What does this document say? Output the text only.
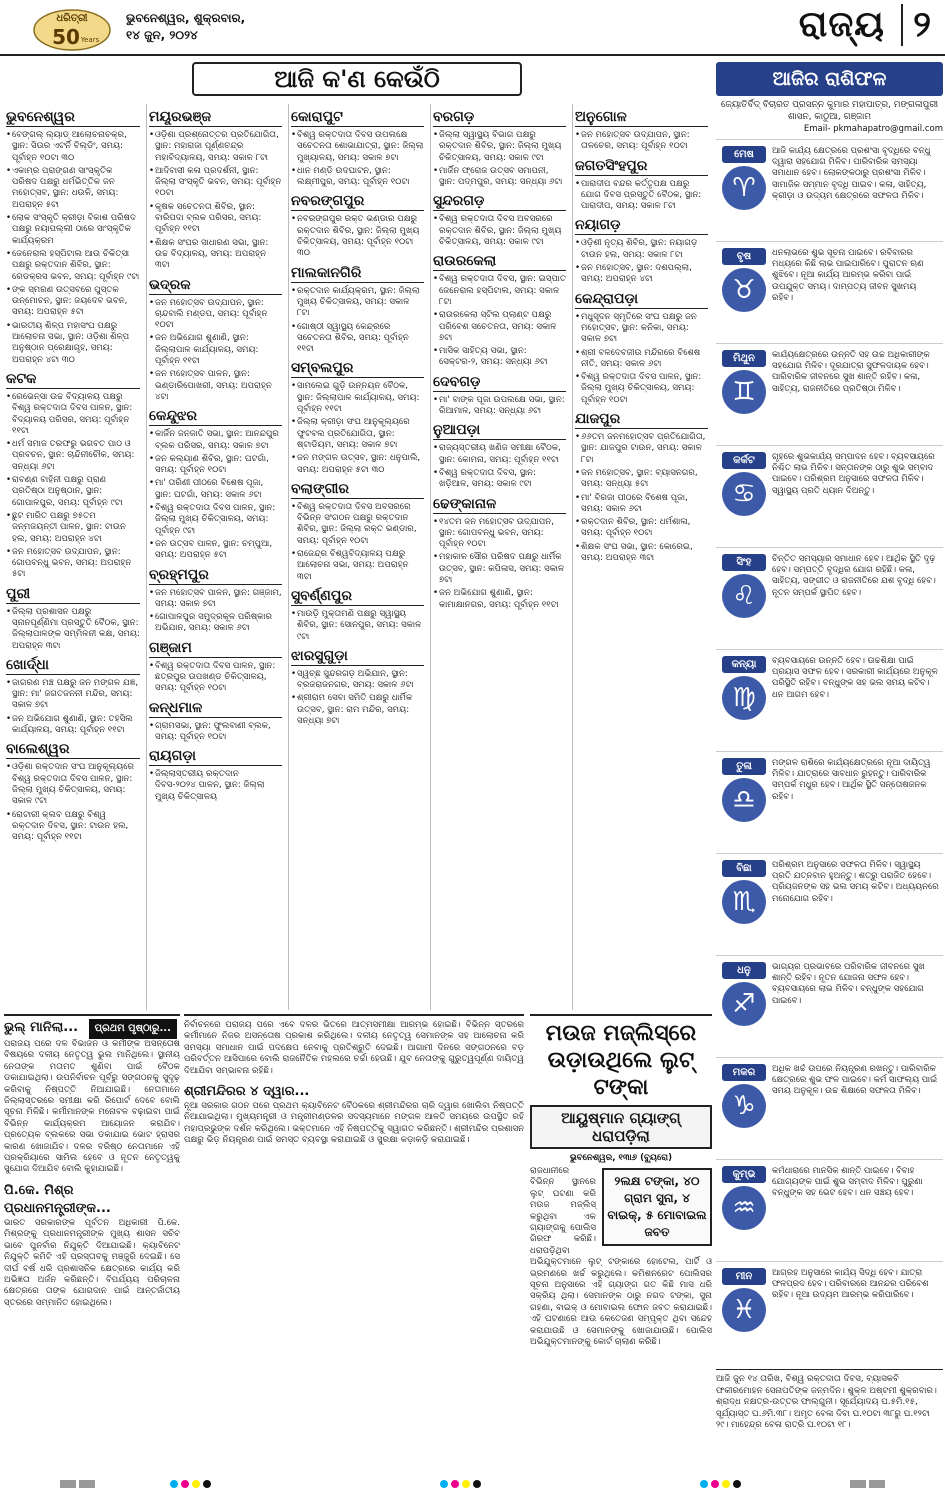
ଧରିତ୍ରୀ
50 Years
ଭୁବନେଶ୍ୱର, ଶୁକ୍ରବାର,
୧୪ ଜୁନ, ୨୦୨୪	ରାଜ୍ୟ ୨
ଆଜି କ'ଣ କେଉଁଠି
ଭୁବନେଶ୍ୱର
• ବେଙ୍ଗଲ୍ ଲ୍ୟାଡ୍ ଆଲୋଚନାଚକ୍ର, ସ୍ଥାନ: ସିଉର ଏଟର୍ନି ବିଲ୍ଡିଂ, ସମୟ: ପୂର୍ବାହ୍ନ ୧୦ଟା ୩୦
• ଏକାମ୍ର ପ୍ରାଙ୍ଗଣ ସାଂସ୍କୃତିକ ପରିଷଦ ପକ୍ଷରୁ ଧର୍ମଭିତ୍ତିକ ଜନ ମହୋତ୍ସବ, ସ୍ଥାନ: ଧଉଳି, ସମୟ: ଅପରାହ୍ନ ୫ଟା
• ଲୋକ ସଂସ୍କୃତି କ୍ରୀଡ଼ା ବିକାଶ ପରିଷଦ ପକ୍ଷରୁ ନୟାପଲ୍ଲୀ ଠାରେ ସାଂସ୍କୃତିକ କାର୍ଯ୍ୟକ୍ରମ
• ଜେନେରାଲ ହସ୍ପିଟାଲ ଆଉ ଚିକିତ୍ସା ପକ୍ଷରୁ ରକ୍ତଦାନ ଶିବିର, ସ୍ଥାନ: ରେଡକ୍ରସ ଭବନ, ସମୟ: ପୂର୍ବାହ୍ନ ୯ଟା
• ଙ୍କ ସ୍ମରଣ ଉତ୍ସବରେ ପୁସ୍ତକ ଉନ୍ମୋଚନ, ସ୍ଥାନ: ଜୟଦେବ ଭବନ, ସମୟ: ଅପରାହ୍ନ ୫ଟା
• ଭାରତୀୟ ଶିଳ୍ପ ମହାସଂଘ ପକ୍ଷରୁ ଆଲୋଚନା ସଭା, ସ୍ଥାନ: ଓଡ଼ିଶା ଶିଳ୍ପ ଅନୁଷ୍ଠାନ ପ୍ରେକ୍ଷାଗୃହ, ସମୟ: ଅପରାହ୍ନ ୪ଟା ୩୦
କଟକ
• ରେଭେନ୍ସା ଉଚ୍ଚ ବିଦ୍ୟାଳୟ ପକ୍ଷରୁ ବିଶ୍ୱ ରକ୍ତଦାତା ଦିବସ ପାଳନ, ସ୍ଥାନ: ବିଦ୍ୟାଳୟ ପରିସର, ସମୟ: ପୂର୍ବାହ୍ନ ୧୧ଟା
• ଧର୍ମ ସମାଜ ତରଫରୁ ଭଗବତ ପାଠ ଓ ପ୍ରବଚନ, ସ୍ଥାନ: ଚାନ୍ଦିନୀଚୌକ, ସମୟ: ସନ୍ଧ୍ୟା ୬ଟା
• ରାବଣ୍ଣ ବାହିନୀ ପକ୍ଷରୁ ପ୍ରାଣ ପ୍ରତିଷ୍ଠା ଅନୁଷ୍ଠାନ, ସ୍ଥାନ: ଗୋପାଳପୁର, ସମୟ: ପୂର୍ବାହ୍ନ ୯ଟା
• ଛୁଟ ମାରିତ ପକ୍ଷରୁ ୭୫ତମ ଜନ୍ମଜୟନ୍ତୀ ପାଳନ, ସ୍ଥାନ: ଟାଉନ ହଲ, ସମୟ: ଅପରାହ୍ନ ୪ଟା
• ଜନ ମହୋତ୍ସବ ଉଦ୍‌ଯାପନ, ସ୍ଥାନ: ଗୋପବନ୍ଧୁ ଭବନ, ସମୟ: ଅପରାହ୍ନ ୫ଟା
ପୁରୀ
• ଜିଲ୍ଲା ପ୍ରଶାସନ ପକ୍ଷରୁ ସ୍ନାନପୂର୍ଣ୍ଣିମା ପ୍ରସ୍ତୁତି ବୈଠକ, ସ୍ଥାନ: ଜିଲ୍ଲାପାଳଙ୍କ ସମ୍ମିଳନୀ କକ୍ଷ, ସମୟ: ଅପରାହ୍ନ ୩ଟା
ଖୋର୍ଦ୍ଧା
• ଜାଗରଣ ମଞ୍ଚ ପକ୍ଷରୁ ଜନ ମଙ୍ଗଳ ଯଜ୍ଞ, ସ୍ଥାନ: ମା' ଜଗତଜନନୀ ମନ୍ଦିର, ସମୟ: ସକାଳ ୭ଟା
• ଜନ ଅଭିଯୋଗ ଶୁଣାଣି, ସ୍ଥାନ: ତହସିଲ କାର୍ଯ୍ୟାଳୟ, ସମୟ: ପୂର୍ବାହ୍ନ ୧୧ଟା
ବାଲେଶ୍ୱର
• ଓଡ଼ିଶା ରକ୍ତଦାନ ସଂଘ ଆନୁକୂଲ୍ୟରେ ବିଶ୍ୱ ରକ୍ତଦାତା ଦିବସ ପାଳନ, ସ୍ଥାନ: ଜିଲ୍ଲା ମୁଖ୍ୟ ଚିକିତ୍ସାଳୟ, ସମୟ: ସକାଳ ୯ଟା
• ରୋଟାରୀ କ୍ଲବ ପକ୍ଷରୁ ବିଶ୍ୱ ରକ୍ତଦାନ ଦିବସ, ସ୍ଥାନ: ଟାଉନ ହଲ, ସମୟ: ପୂର୍ବାହ୍ନ ୧୧ଟା
ମୟୂରଭଞ୍ଜ
• ଓଡ଼ିଶା ପ୍ରଶ୍ନୋତ୍ତର ପ୍ରତିଯୋଗିତା, ସ୍ଥାନ: ମହାରାଜା ପୂର୍ଣ୍ଣଚନ୍ଦ୍ର ମହାବିଦ୍ୟାଳୟ, ସମୟ: ସକାଳ ୮ଟା
• ଆଦିବାସୀ କଳା ପ୍ରଦର୍ଶନୀ, ସ୍ଥାନ: ଜିଲ୍ଲା ସଂସ୍କୃତି ଭବନ, ସମୟ: ପୂର୍ବାହ୍ନ ୧୦ଟା
• କୃଷକ ସଚେତନତା ଶିବିର, ସ୍ଥାନ: ବାରିପଦା ବ୍ଲକ ପରିସର, ସମୟ: ପୂର୍ବାହ୍ନ ୧୧ଟା
• ଶିକ୍ଷକ ସଂଘର ସାଧାରଣ ସଭା, ସ୍ଥାନ: ଉଚ୍ଚ ବିଦ୍ୟାଳୟ, ସମୟ: ଅପରାହ୍ନ ୩ଟା
ଭଦ୍ରକ
• ଜନ ମହୋତ୍ସବ ଉଦ୍‌ଯାପନ, ସ୍ଥାନ: ଚାନ୍ଦବାଲି ମଣ୍ଡପ, ସମୟ: ପୂର୍ବାହ୍ନ ୧୦ଟା
• ଜନ ଅଭିଯୋଗ ଶୁଣାଣି, ସ୍ଥାନ: ଜିଲ୍ଲାପାଳ କାର୍ଯ୍ୟାଳୟ, ସମୟ: ପୂର୍ବାହ୍ନ ୧୧ଟା
• ଜନ ମହୋତ୍ସବ ପାଳନ, ସ୍ଥାନ: ଭଣ୍ଡାରିପୋଖରୀ, ସମୟ: ଅପରାହ୍ନ ୪ଟା
କେନ୍ଦୁଝର
• କାର୍ଜିନ ଜନଜାତି ସଭା, ସ୍ଥାନ: ଆନନ୍ଦପୁର ବ୍ଲକ ପରିସର, ସମୟ: ସକାଳ ୭ଟା
• ଜନ କଲ୍ୟାଣ ଶିବିର, ସ୍ଥାନ: ଘଟଗାଁ, ସମୟ: ପୂର୍ବାହ୍ନ ୧୦ଟା
• ମା' ତାରିଣୀ ପୀଠରେ ବିଶେଷ ପୂଜା, ସ୍ଥାନ: ଘଟଗାଁ, ସମୟ: ସକାଳ ୬ଟା
• ବିଶ୍ୱ ରକ୍ତଦାତା ଦିବସ ପାଳନ, ସ୍ଥାନ: ଜିଲ୍ଲା ମୁଖ୍ୟ ଚିକିତ୍ସାଳୟ, ସମୟ: ପୂର୍ବାହ୍ନ ୯ଟା
• ଜନ ଉତ୍ସବ ପାଳନ, ସ୍ଥାନ: ଚମ୍ପୁଆ, ସମୟ: ଅପରାହ୍ନ ୫ଟା
ବ୍ରହ୍ମପୁର
• ଜନ ମହୋତ୍ସବ ପାଳନ, ସ୍ଥାନ: ଗଞ୍ଜାମ, ସମୟ: ସକାଳ ୭ଟା
• ଗୋପାଳପୁର ସମୁଦ୍ରକୂଳ ପରିଷ୍କାର ଅଭିଯାନ, ସମୟ: ସକାଳ ୬ଟା
ଗଞ୍ଜାମ
• ବିଶ୍ୱ ରକ୍ତଦାତା ଦିବସ ପାଳନ, ସ୍ଥାନ: ଛତ୍ରପୁର ଉପଖଣ୍ଡ ଚିକିତ୍ସାଳୟ, ସମୟ: ପୂର୍ବାହ୍ନ ୧୦ଟା
କନ୍ଧମାଳ
• ଗ୍ରାମସଭା, ସ୍ଥାନ: ଫୁଲବାଣୀ ବ୍ଲକ, ସମୟ: ପୂର୍ବାହ୍ନ ୧୦ଟା
ରାୟଗଡ଼ା
• ଜିଲ୍ଲାସ୍ତରୀୟ ରକ୍ତଦାନ ଦିବସ-୨୦୨୪ ପାଳନ, ସ୍ଥାନ: ଜିଲ୍ଲା ମୁଖ୍ୟ ଚିକିତ୍ସାଳୟ
କୋରାପୁଟ
• ବିଶ୍ୱ ରକ୍ତଦାତା ଦିବସ ଉପଲକ୍ଷେ ସଚେତନତା ଶୋଭାଯାତ୍ରା, ସ୍ଥାନ: ଜିଲ୍ଲା ମୁଖ୍ୟାଳୟ, ସମୟ: ସକାଳ ୭ଟା
• ଧାନ ମଣ୍ଡି ଉଦଘାଟନ, ସ୍ଥାନ: ଲକ୍ଷ୍ମୀପୁର, ସମୟ: ପୂର୍ବାହ୍ନ ୧୦ଟା
ନବରଙ୍ଗପୁର
• ନବରଙ୍ଗପୁର ରକ୍ତ ଭଣ୍ଡାର ପକ୍ଷରୁ ରକ୍ତଦାନ ଶିବିର, ସ୍ଥାନ: ଜିଲ୍ଲା ମୁଖ୍ୟ ଚିକିତ୍ସାଳୟ, ସମୟ: ପୂର୍ବାହ୍ନ ୧୦ଟା ୩୦
ମାଲକାନଗିରି
• ରକ୍ତଦାନ କାର୍ଯ୍ୟକ୍ରମ, ସ୍ଥାନ: ଜିଲ୍ଲା ମୁଖ୍ୟ ଚିକିତ୍ସାଳୟ, ସମୟ: ସକାଳ ୮ଟା
• ଗୋଷ୍ଠୀ ସ୍ୱାସ୍ଥ୍ୟ କେନ୍ଦ୍ରରେ ସଚେତନତା ଶିବିର, ସମୟ: ପୂର୍ବାହ୍ନ ୧୧ଟା
ସମ୍ବଲପୁର
• ସାମଲେଇ ଗୁଡ଼ି ଉନ୍ନୟନ ବୈଠକ, ସ୍ଥାନ: ଜିଲ୍ଲାପାଳ କାର୍ଯ୍ୟାଳୟ, ସମୟ: ପୂର୍ବାହ୍ନ ୧୧ଟା
• ଜିଲ୍ଲା କ୍ରୀଡ଼ା ସଂଘ ଆନୁକୂଲ୍ୟରେ ଫୁଟବଲ ପ୍ରତିଯୋଗିତା, ସ୍ଥାନ: ଷ୍ଟାଡିୟମ, ସମୟ: ସକାଳ ୭ଟା
• ଜନ ମଙ୍ଗଳ ଉତ୍ସବ, ସ୍ଥାନ: ଧନୁପାଲି, ସମୟ: ଅପରାହ୍ନ ୫ଟା ୩୦
ବଲାଙ୍ଗୀର
• ବିଶ୍ୱ ରକ୍ତଦାତା ଦିବସ ଅବସରରେ ବିଭିନ୍ନ ସଂଗଠନ ପକ୍ଷରୁ ରକ୍ତଦାନ ଶିବିର, ସ୍ଥାନ: ଜିଲ୍ଲା ରକ୍ତ ଭଣ୍ଡାର, ସମୟ: ପୂର୍ବାହ୍ନ ୧୦ଟା
• ରାଜେନ୍ଦ୍ର ବିଶ୍ୱବିଦ୍ୟାଳୟ ପକ୍ଷରୁ ଆଲୋଚନା ସଭା, ସମୟ: ଅପରାହ୍ନ ୩ଟା
ସୁବର୍ଣ୍ଣପୁର
• ମାଉଡ଼ି ମୁକ୍ତାମଣି ପକ୍ଷରୁ ସ୍ୱାସ୍ଥ୍ୟ ଶିବିର, ସ୍ଥାନ: ସୋନପୁର, ସମୟ: ସକାଳ ୯ଟା
ଝାରସୁଗୁଡ଼ା
• ସ୍ୱଚ୍ଛ ସୁନ୍ଦରଗଡ଼ ଅଭିଯାନ, ସ୍ଥାନ: ବ୍ରଜରାଜନଗର, ସମୟ: ସକାଳ ୬ଟା
• ଶ୍ରୀରାମ ସେବା ସମିତି ପକ୍ଷରୁ ଧାର୍ମିକ ଉତ୍ସବ, ସ୍ଥାନ: ରାମ ମନ୍ଦିର, ସମୟ: ସନ୍ଧ୍ୟା ୭ଟା
ବରଗଡ଼
• ଜିଲ୍ଲା ସ୍ୱାସ୍ଥ୍ୟ ବିଭାଗ ପକ୍ଷରୁ ରକ୍ତଦାନ ଶିବିର, ସ୍ଥାନ: ଜିଲ୍ଲା ମୁଖ୍ୟ ଚିକିତ୍ସାଳୟ, ସମୟ: ସକାଳ ୯ଟା
• ମାର୍ଜିନ ଫ୍ରୋଜ ଉତ୍ସବ ସମାପନୀ, ସ୍ଥାନ: ପଦ୍ମପୁର, ସମୟ: ସନ୍ଧ୍ୟା ୬ଟା
ସୁନ୍ଦରଗଡ଼
• ବିଶ୍ୱ ରକ୍ତଦାତା ଦିବସ ଅବସରରେ ରକ୍ତଦାନ ଶିବିର, ସ୍ଥାନ: ଜିଲ୍ଲା ମୁଖ୍ୟ ଚିକିତ୍ସାଳୟ, ସମୟ: ସକାଳ ୯ଟା
ରାଉରକେଲା
• ବିଶ୍ୱ ରକ୍ତଦାତା ଦିବସ, ସ୍ଥାନ: ଇସ୍ପାତ ଜେନେରାଲ ହସ୍ପିଟାଲ, ସମୟ: ସକାଳ ୮ଟା
• ରାଉରକେଲା ସ୍ଟିଲ ପ୍ଲାଣ୍ଟ ପକ୍ଷରୁ ପରିବେଶ ସଚେତନତା, ସମୟ: ସକାଳ ୭ଟା
• ମାସିକ ସାହିତ୍ୟ ସଭା, ସ୍ଥାନ: ସେକ୍ଟର-୨, ସମୟ: ସନ୍ଧ୍ୟା ୬ଟା
ଦେବଗଡ଼
• ମା' ବାଙ୍କ ପୂଜା ଉପଲକ୍ଷେ ସଭା, ସ୍ଥାନ: ରିଆମାଳ, ସମୟ: ସନ୍ଧ୍ୟା ୬ଟା
ନୁଆପଡ଼ା
• ରାଜ୍ୟସ୍ତରୀୟ ଖଣିଜ ସମୀକ୍ଷା ବୈଠକ, ସ୍ଥାନ: କୋମନା, ସମୟ: ପୂର୍ବାହ୍ନ ୧୧ଟା
• ବିଶ୍ୱ ରକ୍ତଦାତା ଦିବସ, ସ୍ଥାନ: ଖଡ଼ିଆଳ, ସମୟ: ସକାଳ ୯ଟା
ଢେଙ୍କାନାଳ
• ୧୪ତମ ଜନ ମହୋତ୍ସବ ଉଦ୍‌ଯାପନ, ସ୍ଥାନ: ଗୋପବନ୍ଧୁ ଭବନ, ସମୟ: ପୂର୍ବାହ୍ନ ୧୦ଟା
• ମହାକାଳ ସୌର ପରିଷଦ ପକ୍ଷରୁ ଧାର୍ମିକ ଉତ୍ସବ, ସ୍ଥାନ: କପିଳାସ, ସମୟ: ସକାଳ ୭ଟା
• ଜନ ଅଭିଯୋଗ ଶୁଣାଣି, ସ୍ଥାନ: କାମାକ୍ଷାନଗର, ସମୟ: ପୂର୍ବାହ୍ନ ୧୧ଟା
ଅନୁଗୋଳ
• ଜନ ମହୋତ୍ସବ ଉଦ୍‌ଯାପନ, ସ୍ଥାନ: ତାଳଚେର, ସମୟ: ପୂର୍ବାହ୍ନ ୧୦ଟା
ଜଗତସିଂହପୁର
• ପାରାଦୀପ ବନ୍ଦର କର୍ତ୍ତୃପକ୍ଷ ପକ୍ଷରୁ ଯୋଗ ଦିବସ ପ୍ରସ୍ତୁତି ବୈଠକ, ସ୍ଥାନ: ପାରାଦୀପ, ସମୟ: ସକାଳ ୮ଟା
ନୟାଗଡ଼
• ଓଡ଼ିଶୀ ନୃତ୍ୟ ଶିବିର, ସ୍ଥାନ: ନୟାଗଡ଼ ଟାଉନ ହଲ, ସମୟ: ସକାଳ ୮ଟା
• ଜନ ମହୋତ୍ସବ, ସ୍ଥାନ: ଦଶପଲ୍ଲା, ସମୟ: ଅପରାହ୍ନ ୪ଟା
କେନ୍ଦ୍ରାପଡ଼ା
• ମଧୁସୂଦନ ସ୍ମୃତିରେ ସଂଘ ପକ୍ଷରୁ ଜନ ମହୋତ୍ସବ, ସ୍ଥାନ: କନିକା, ସମୟ: ସକାଳ ୭ଟା
• ଶ୍ରୀ ବଳଦେବଜୀଉ ମନ୍ଦିରରେ ବିଶେଷ ନୀତି, ସମୟ: ସକାଳ ୬ଟା
• ବିଶ୍ୱ ରକ୍ତଦାତା ଦିବସ ପାଳନ, ସ୍ଥାନ: ଜିଲ୍ଲା ମୁଖ୍ୟ ଚିକିତ୍ସାଳୟ, ସମୟ: ପୂର୍ବାହ୍ନ ୧୦ଟା
ଯାଜପୁର
• ୬୬ତମ ଜନମହୋତ୍ସବ ପ୍ରତିଯୋଗିତା, ସ୍ଥାନ: ଯାଜପୁର ଟାଉନ, ସମୟ: ସକାଳ ୮ଟା
• ଜନ ମହୋତ୍ସବ, ସ୍ଥାନ: ବ୍ୟାସନଗର, ସମୟ: ସନ୍ଧ୍ୟା ୫ଟା
• ମା' ବିରଜା ପୀଠରେ ବିଶେଷ ପୂଜା, ସମୟ: ସକାଳ ୬ଟା
• ରକ୍ତଦାନ ଶିବିର, ସ୍ଥାନ: ଧର୍ମଶାଳା, ସମୟ: ପୂର୍ବାହ୍ନ ୧୦ଟା
• ଶିକ୍ଷକ ସଂଘ ସଭା, ସ୍ଥାନ: କୋରେଇ, ସମୟ: ଅପରାହ୍ନ ୩ଟା
ଆଜିର ରାଶିଫଳ
ଜ୍ୟୋତିର୍ବିଦ୍ ବିଚାରତ ପ୍ରସନ୍ନ କୁମାର ମହାପାତ୍ର, ମଙ୍ଗଳାପୁରୀ ଶାସନ, କାଠୁଆ, ଗଞ୍ଜାମ
Email- pkmahapatro@gmail.com
ମେଷ
♈
ଆଜି କାର୍ଯ୍ୟ କ୍ଷେତ୍ରରେ ପ୍ରଶଂସା ବୃଦ୍ଧିରେ ବନ୍ଧୁ ଦ୍ୱାରା ସହଯୋଗ ମିଳିବ। ପାରିବାରିକ ସମସ୍ୟା ସମାଧାନ ହେବ। ଲୋକଙ୍କଠାରୁ ପ୍ରଶଂସା ମିଳିବ। ସାମାଜିକ ସମ୍ମାନ ବୃଦ୍ଧି ପାଇବ। କଳା, ସାହିତ୍ୟ, କ୍ରୀଡ଼ା ଓ ଉଦ୍ୟମ କ୍ଷେତ୍ରରେ ସଫଳତା ମିଳିବ।
ବୃଷ
♉
ଧନଲାଭରେ ଶୁଭ ସୂଚନା ପାଇବେ। ରବିବାରର ମଧ୍ୟରେ କିଛି ଲାଭ ପାଇପାରିବେ। ପୁରାତନ ଋଣ ଶୁଝିବେ। ନୂଆ କାର୍ଯ୍ୟ ଆରମ୍ଭ କରିବା ପାଇଁ ଉପଯୁକ୍ତ ସମୟ। ଦାମ୍ପତ୍ୟ ଜୀବନ ସୁଖମୟ ରହିବ।
ମିଥୁନ
♊
କାର୍ଯ୍ୟକ୍ଷେତ୍ରରେ ଉନ୍ନତି ସହ ଉଚ୍ଚ ଅଧିକାରୀଙ୍କ ସହଯୋଗ ମିଳିବ। ଦୂରଯାତ୍ରା ସୁଫଳଦାୟକ ହେବ। ପାରିବାରିକ ଜୀବନରେ ସୁଖ ଶାନ୍ତି ରହିବ। କଳା, ସାହିତ୍ୟ, ରାଜନୀତିରେ ପ୍ରତିଷ୍ଠା ମିଳିବ।
କର୍କଟ
♋
ଗୃହରେ ଶୁଭକାର୍ଯ୍ୟ ସମ୍ପାଦନ ହେବ। ବ୍ୟବସାୟରେ ନିଶ୍ଚିତ ଲାଭ ମିଳିବ। ସନ୍ତାନଙ୍କ ଠାରୁ ଶୁଭ ସମ୍ବାଦ ପାଇବେ। ପରିଶ୍ରମ ଅନୁସାରେ ସଫଳତା ମିଳିବ। ସ୍ୱାସ୍ଥ୍ୟ ପ୍ରତି ଧ୍ୟାନ ଦିଅନ୍ତୁ।
ସିଂହ
♌
ଚିନ୍ତିତ ସମସ୍ୟାର ସମାଧାନ ହେବ। ଆର୍ଥିକ ସ୍ଥିତି ଦୃଢ଼ ହେବ। ସମ୍ପତ୍ତି ବୃଦ୍ଧିର ଯୋଗ ରହିଛି। କଳା, ସାହିତ୍ୟ, ସଙ୍ଗୀତ ଓ ରାଜନୀତିରେ ଯଶ ବୃଦ୍ଧି ହେବ। ନୂତନ ସମ୍ପର୍କ ସ୍ଥାପିତ ହେବ।
କନ୍ୟା
♍
ବ୍ୟବସାୟରେ ଉନ୍ନତି ହେବ। ଉଚ୍ଚଶିକ୍ଷା ପାଇଁ ପ୍ରୟାସ ସଫଳ ହେବ। ସରକାରୀ କାର୍ଯ୍ୟରେ ଅନୁକୂଳ ପରିସ୍ଥିତି ରହିବ। ବନ୍ଧୁଙ୍କ ସହ ଭଲ ସମୟ କଟିବ। ଧନ ଆଗମ ହେବ।
ତୁଳା
♎
ମଙ୍ଗଳ ରାଶିରେ କାର୍ଯ୍ୟକ୍ଷେତ୍ରରେ ନୂଆ ଦାୟିତ୍ୱ ମିଳିବ। ଯାତ୍ରାରେ ସାବଧାନ ରୁହନ୍ତୁ। ପାରିବାରିକ ସମ୍ପର୍କ ମଧୁର ହେବ। ଆର୍ଥିକ ସ୍ଥିତି ସନ୍ତୋଷଜନକ ରହିବ।
ବିଛା
♏
ପରିଶ୍ରମ ଅନୁସାରେ ସଫଳତା ମିଳିବ। ସ୍ୱାସ୍ଥ୍ୟ ପ୍ରତି ଯତ୍ନବାନ ହୁଅନ୍ତୁ। ଶତ୍ରୁ ପରାଜିତ ହେବେ। ପ୍ରିୟଜନଙ୍କ ସହ ଭଲ ସମୟ କଟିବ। ଅଧ୍ୟୟନରେ ମନୋଯୋଗ ରହିବ।
ଧନୁ
♐
ଭାଗ୍ୟର ପ୍ରଭାବରେ ପରିବାରିକ ଜୀବନରେ ସୁଖ ଶାନ୍ତି ରହିବ। ନୂତନ ଯୋଜନା ସଫଳ ହେବ। ବ୍ୟବସାୟରେ ଲାଭ ମିଳିବ। ବନ୍ଧୁଙ୍କ ସହଯୋଗ ପାଇବେ।
ମକର
♑
ଅଧିକ ଖର୍ଚ୍ଚ ଉପରେ ନିୟନ୍ତ୍ରଣ ରଖନ୍ତୁ। ପାରିବାରିକ କ୍ଷେତ୍ରରେ ଶୁଭ ଫଳ ପାଇବେ। କର୍ମ ସାଫଲ୍ୟ ପାଇଁ ସମୟ ଅନୁକୂଳ। ଉଚ୍ଚ ଶିକ୍ଷାରେ ସଫଳତା ମିଳିବ।
କୁମ୍ଭ
♒
କର୍ମଧାରାରେ ମାନସିକ ଶାନ୍ତି ପାଇବେ। ବିବାହ ଯୋଗ୍ୟଙ୍କ ପାଇଁ ଶୁଭ ସମ୍ବାଦ ମିଳିବ। ପୁରୁଣା ବନ୍ଧୁଙ୍କ ସହ ଭେଟ ହେବ। ଧନ ସଞ୍ଚୟ ହେବ।
ମୀନ
♓
ଆଗ୍ରହ ଅନୁସାରେ କାର୍ଯ୍ୟ ସିଦ୍ଧି ହେବ। ଯାତ୍ରା ଫଳପ୍ରଦ ହେବ। ପରିବାରରେ ଆନନ୍ଦର ପରିବେଶ ରହିବ। ନୂଆ ଉଦ୍ୟମ ଆରମ୍ଭ କରିପାରିବେ।
ଆଜି ଜୁନ ୧୪ ତାରିଖ, ବିଶ୍ୱ ରକ୍ତଦାତା ଦିବସ, ବ୍ୟାସକବି ଫକୀରମୋହନ ସେନାପତିଙ୍କ ଜନ୍ମଦିନ। ଶୁକ୍ଳ ଅଷ୍ଟମୀ ଶୁକ୍ରବାର। ଶ୍ରାଦ୍ଧ ନକ୍ଷତ୍ର-ଉତ୍ତର ଫାଲ୍ଗୁନୀ। ସୂର୍ଯ୍ୟୋଦୟ ଘ.୫ମି.୧୫, ସୂର୍ଯ୍ୟାସ୍ତ ଘ.୬ମି.୩୮। ଅମୃତ ବେଳା ଦିବା ଘ.୧୦ଟା ୩୮ରୁ ଘ.୧୨ଟା ୨୯। ମାହେନ୍ଦ୍ର ବେଳା ରାତ୍ରି ଘ.୧୦ଟା ୧୮।
ଭୁଲ୍ ମାନିଲା... ପ୍ରଥମ ପୃଷ୍ଠାରୁ...
ପରାଜୟ ପରେ ଦଳ ବିଭାଜନ ଓ କର୍ମୀଙ୍କ ଅସନ୍ତୋଷ ବିଷୟରେ ଦଳୀୟ ନେତୃତ୍ୱ ଭୁଲ ମାନିଥିଲେ। ସ୍ଥାନୀୟ ନେତାଙ୍କ ମତାମତ ଶୁଣିବା ପାଇଁ ବୈଠକ ଡକାଯାଇଥିଲା। ଉପନିର୍ବାଚନ ପୂର୍ବରୁ ସଙ୍ଗଠନକୁ ସୁଦୃଢ଼ କରିବାକୁ ନିଷ୍ପତ୍ତି ନିଆଯାଇଛି। ନେତାମାନେ ଜିଲ୍ଲାସ୍ତରରେ ସମୀକ୍ଷା କରି ରିପୋର୍ଟ ଦେବେ ବୋଲି ସୂଚନା ମିଳିଛି। କର୍ମୀମାନଙ୍କ ମନୋବଳ ବଢ଼ାଇବା ପାଇଁ ବିଭିନ୍ନ କାର୍ଯ୍ୟକ୍ରମ ଆୟୋଜନ କରାଯିବ। ପ୍ରତ୍ୟେକ ବ୍ଲକରେ ସଭା ଡକାଯାଇ ଭୋଟ ହ୍ରାସର କାରଣ ଖୋଜାଯିବ। ଦଳର ବରିଷ୍ଠ ନେତାମାନେ ଏହି ପ୍ରକ୍ରିୟାରେ ସାମିଲ ହେବେ ଓ ନୂତନ ନେତୃତ୍ୱକୁ ସୁଯୋଗ ଦିଆଯିବ ବୋଲି କୁହାଯାଇଛି।
ପି.କେ. ମିଶ୍ର ପ୍ରଧାନମନ୍ତ୍ରୀଙ୍କ...
ଭାରତ ସରକାରଙ୍କ ପୂର୍ବତନ ଅଧିକାରୀ ପି.କେ. ମିଶ୍ରଙ୍କୁ ପ୍ରଧାନମନ୍ତ୍ରୀଙ୍କ ମୁଖ୍ୟ ଶାସନ ସଚିବ ଭାବେ ପୁନର୍ବାର ନିଯୁକ୍ତି ଦିଆଯାଇଛି। କ୍ୟାବିନେଟ ନିଯୁକ୍ତି କମିଟି ଏହି ପ୍ରସ୍ତାବକୁ ମଞ୍ଜୁରି ଦେଇଛି। ସେ ଦୀର୍ଘ ବର୍ଷ ଧରି ପ୍ରଶାସନିକ କ୍ଷେତ୍ରରେ କାର୍ଯ୍ୟ କରି ଅଭିଜ୍ଞତା ଅର୍ଜନ କରିଛନ୍ତି। ବିପର୍ଯ୍ୟୟ ପରିଚାଳନା କ୍ଷେତ୍ରରେ ତାଙ୍କ ଯୋଗଦାନ ପାଇଁ ଆନ୍ତର୍ଜାତୀୟ ସ୍ତରରେ ସମ୍ମାନିତ ହୋଇଥିଲେ।
ନିର୍ବାଚନରେ ପରାଜୟ ପରେ ଏବେ ଦଳର ଭିତରେ ଆତ୍ମସମୀକ୍ଷା ଆରମ୍ଭ ହୋଇଛି। ବିଭିନ୍ନ ସ୍ତରରେ କର୍ମୀମାନେ ନିଜର ଅସନ୍ତୋଷ ପ୍ରକାଶ କରିଥିଲେ। ଦଳୀୟ ନେତୃତ୍ୱ ସେମାନଙ୍କ ସହ ଆଲୋଚନା କରି ସମସ୍ୟା ସମାଧାନ ପାଇଁ ପଦକ୍ଷେପ ନେବାକୁ ପ୍ରତିଶ୍ରୁତି ଦେଇଛି। ଆଗାମୀ ଦିନରେ ସଙ୍ଗଠନରେ ବଡ଼ ପରିବର୍ତ୍ତନ ଆସିପାରେ ବୋଲି ରାଜନୈତିକ ମହଲରେ ଚର୍ଚ୍ଚା ହେଉଛି। ଯୁବ ନେତାଙ୍କୁ ଗୁରୁତ୍ୱପୂର୍ଣ୍ଣ ଦାୟିତ୍ୱ ଦିଆଯିବା ସମ୍ଭାବନା ରହିଛି।
ଶ୍ରୀମନ୍ଦିରର ୪ ଦ୍ୱାର...
ନୂଆ ସରକାର ଗଠନ ପରେ ପ୍ରଥମ କ୍ୟାବିନେଟ ବୈଠକରେ ଶ୍ରୀମନ୍ଦିରର ଚାରି ଦ୍ୱାର ଖୋଲିବା ନିଷ୍ପତ୍ତି ନିଆଯାଇଥିଲା। ମୁଖ୍ୟମନ୍ତ୍ରୀ ଓ ମନ୍ତ୍ରୀମଣ୍ଡଳର ସଦସ୍ୟମାନେ ମଙ୍ଗଳ ଆଳତି ସମୟରେ ଉପସ୍ଥିତ ରହି ମହାପ୍ରଭୁଙ୍କ ଦର୍ଶନ କରିଥିଲେ। ଭକ୍ତମାନେ ଏହି ନିଷ୍ପତ୍ତିକୁ ସ୍ୱାଗତ କରିଛନ୍ତି। ଶ୍ରୀମନ୍ଦିର ପ୍ରଶାସନ ପକ୍ଷରୁ ଭିଡ଼ ନିୟନ୍ତ୍ରଣ ପାଇଁ ସମସ୍ତ ବ୍ୟବସ୍ଥା କରାଯାଇଛି ଓ ସୁରକ୍ଷା କଡ଼ାକଡ଼ି କରାଯାଇଛି।
ମଉଜ ମଜ୍‌ଲିସ୍‌ରେ
ଉଡ଼ାଉଥିଲେ ଲୁଟ୍ ଟଙ୍କା
ଆୟୁଷ୍ମାନ ଗ୍ୟାଙ୍ଗ୍ ଧରାପଡ଼ିଲା
ଭୁବନେଶ୍ୱର, ୧୩ା୬ (ବ୍ୟୁରୋ)
୨ଲକ୍ଷ ଟଙ୍କା, ୪୦ ଗ୍ରାମ ସୁନା, ୪ ବାଇକ୍, ୫ ମୋବାଇଲ ଜବତ
ରାଜଧାନୀରେ ବିଭିନ୍ନ ସ୍ଥାନରେ ଲୁଟ୍ ଘଟଣା କରି ମଉଜ ମଜ୍‌ଲିସ୍ କରୁଥିବା ଏକ ଗ୍ୟାଙ୍ଗକୁ ପୋଲିସ ଗିରଫ କରିଛି। ଧରାପଡ଼ିଥିବା ଅଭିଯୁକ୍ତମାନେ ଲୁଟ୍ ଟଙ୍କାରେ ହୋଟେଲ, ପାର୍ଟି ଓ ଭ୍ରମଣରେ ଖର୍ଚ୍ଚ କରୁଥିଲେ। କମିଶନରେଟ ପୋଲିସର ସୂଚନା ଅନୁସାରେ ଏହି ଗ୍ୟାଙ୍ଗ ଗତ କିଛି ମାସ ଧରି ସକ୍ରିୟ ଥିଲା। ସେମାନଙ୍କ ଠାରୁ ନଗଦ ଟଙ୍କା, ସୁନା ଗହଣା, ବାଇକ୍ ଓ ମୋବାଇଲ ଫୋନ ଜବତ କରାଯାଇଛି। ଏହି ଘଟଣାରେ ଆଉ କେତେଜଣ ସମ୍ପୃକ୍ତ ଥିବା ସନ୍ଦେହ କରାଯାଉଛି ଓ ସେମାନଙ୍କୁ ଖୋଜାଯାଉଛି। ପୋଲିସ ଅଭିଯୁକ୍ତମାନଙ୍କୁ କୋର୍ଟ ଚାଲାଣ କରିଛି।
